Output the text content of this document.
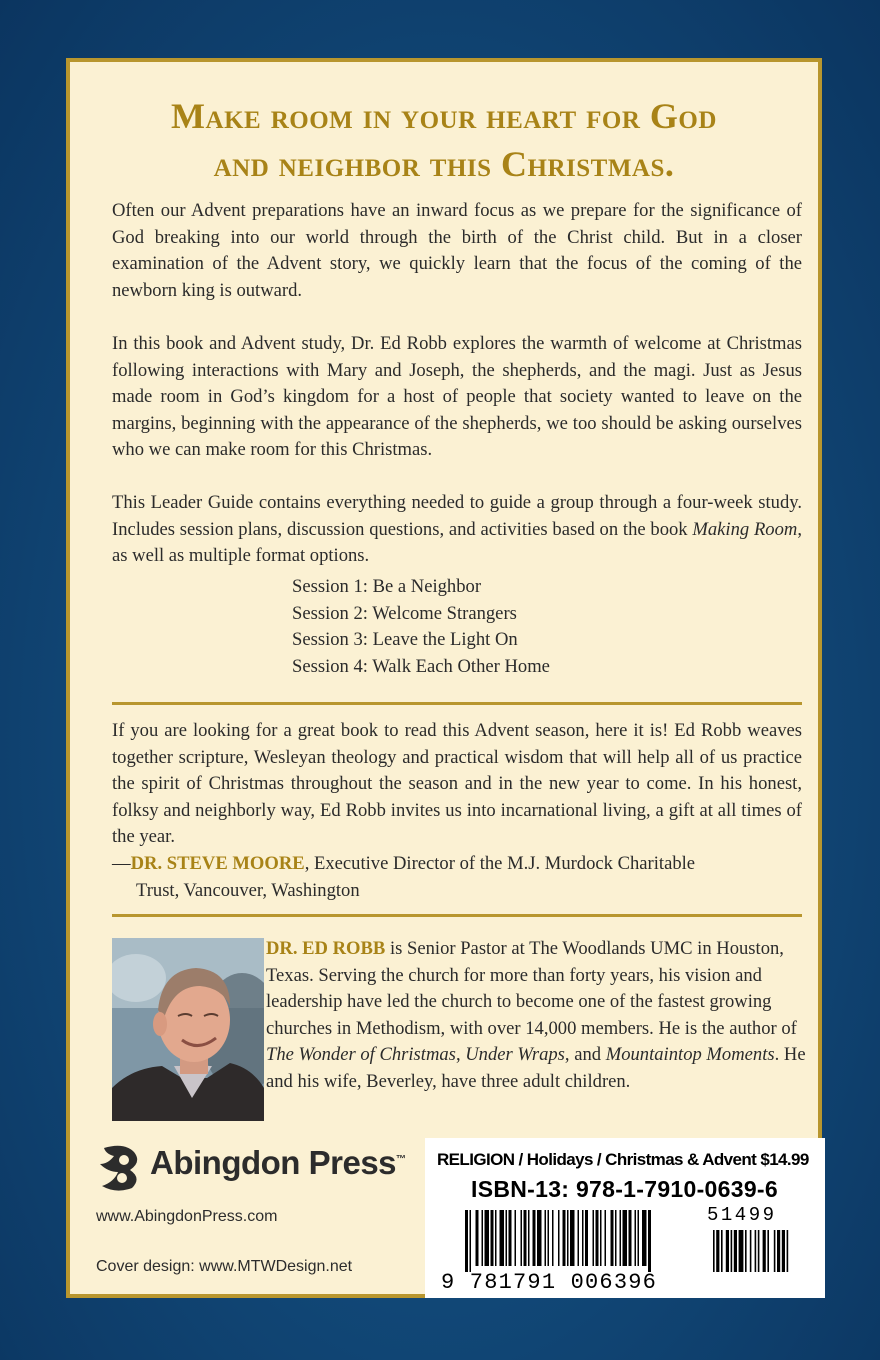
Make room in your heart for God
and neighbor this Christmas.

Often our Advent preparations have an inward focus as we prepare for the significance of God breaking into our world through the birth of the Christ child. But in a closer examination of the Advent story, we quickly learn that the focus of the coming of the newborn king is outward.

In this book and Advent study, Dr. Ed Robb explores the warmth of welcome at Christmas following interactions with Mary and Joseph, the shepherds, and the magi. Just as Jesus made room in God’s kingdom for a host of people that society wanted to leave on the margins, beginning with the appearance of the shepherds, we too should be asking ourselves who we can make room for this Christmas.

This Leader Guide contains everything needed to guide a group through a four-week study. Includes session plans, discussion questions, and activities based on the book Making Room, as well as multiple format options.

Session 1: Be a Neighbor
Session 2: Welcome Strangers
Session 3: Leave the Light On
Session 4: Walk Each Other Home

If you are looking for a great book to read this Advent season, here it is! Ed Robb weaves together scripture, Wesleyan theology and practical wisdom that will help all of us practice the spirit of Christmas throughout the season and in the new year to come. In his honest, folksy and neighborly way, Ed Robb invites us into incarnational living, a gift at all times of the year.

—DR. STEVE MOORE, Executive Director of the M.J. Murdock Charitable
Trust, Vancouver, Washington

DR. ED ROBB is Senior Pastor at The Woodlands UMC in Houston, Texas. Serving the church for more than forty years, his vision and leadership have led the church to become one of the fastest growing churches in Methodism, with over 14,000 members. He is the author of The Wonder of Christmas, Under Wraps, and Mountaintop Moments. He and his wife, Beverley, have three adult children.

Abingdon Press™
www.AbingdonPress.com
Cover design: www.MTWDesign.net
RELIGION / Holidays / Christmas & Advent $14.99
ISBN-13: 978-1-7910-0639-6
51499
9 781791 006396
